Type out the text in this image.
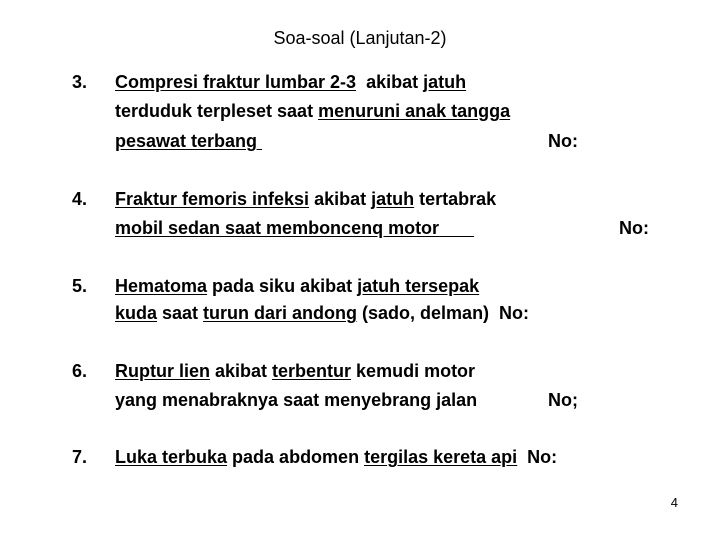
Soa-soal (Lanjutan-2)
3. Compresi fraktur lumbar 2-3  akibat jatuh
terduduk terpleset saat menuruni anak tangga
pesawat terbang	No:
4. Fraktur femoris infeksi akibat jatuh tertabrak
mobil sedan saat memboncenq motor	No:
5. Hematoma pada siku akibat jatuh tersepak
kuda saat turun dari andong (sado, delman)  No:
6. Ruptur lien akibat terbentur kemudi motor
yang menabraknya saat menyebrang jalan	No;
7. Luka terbuka pada abdomen tergilas kereta api  No:
4
